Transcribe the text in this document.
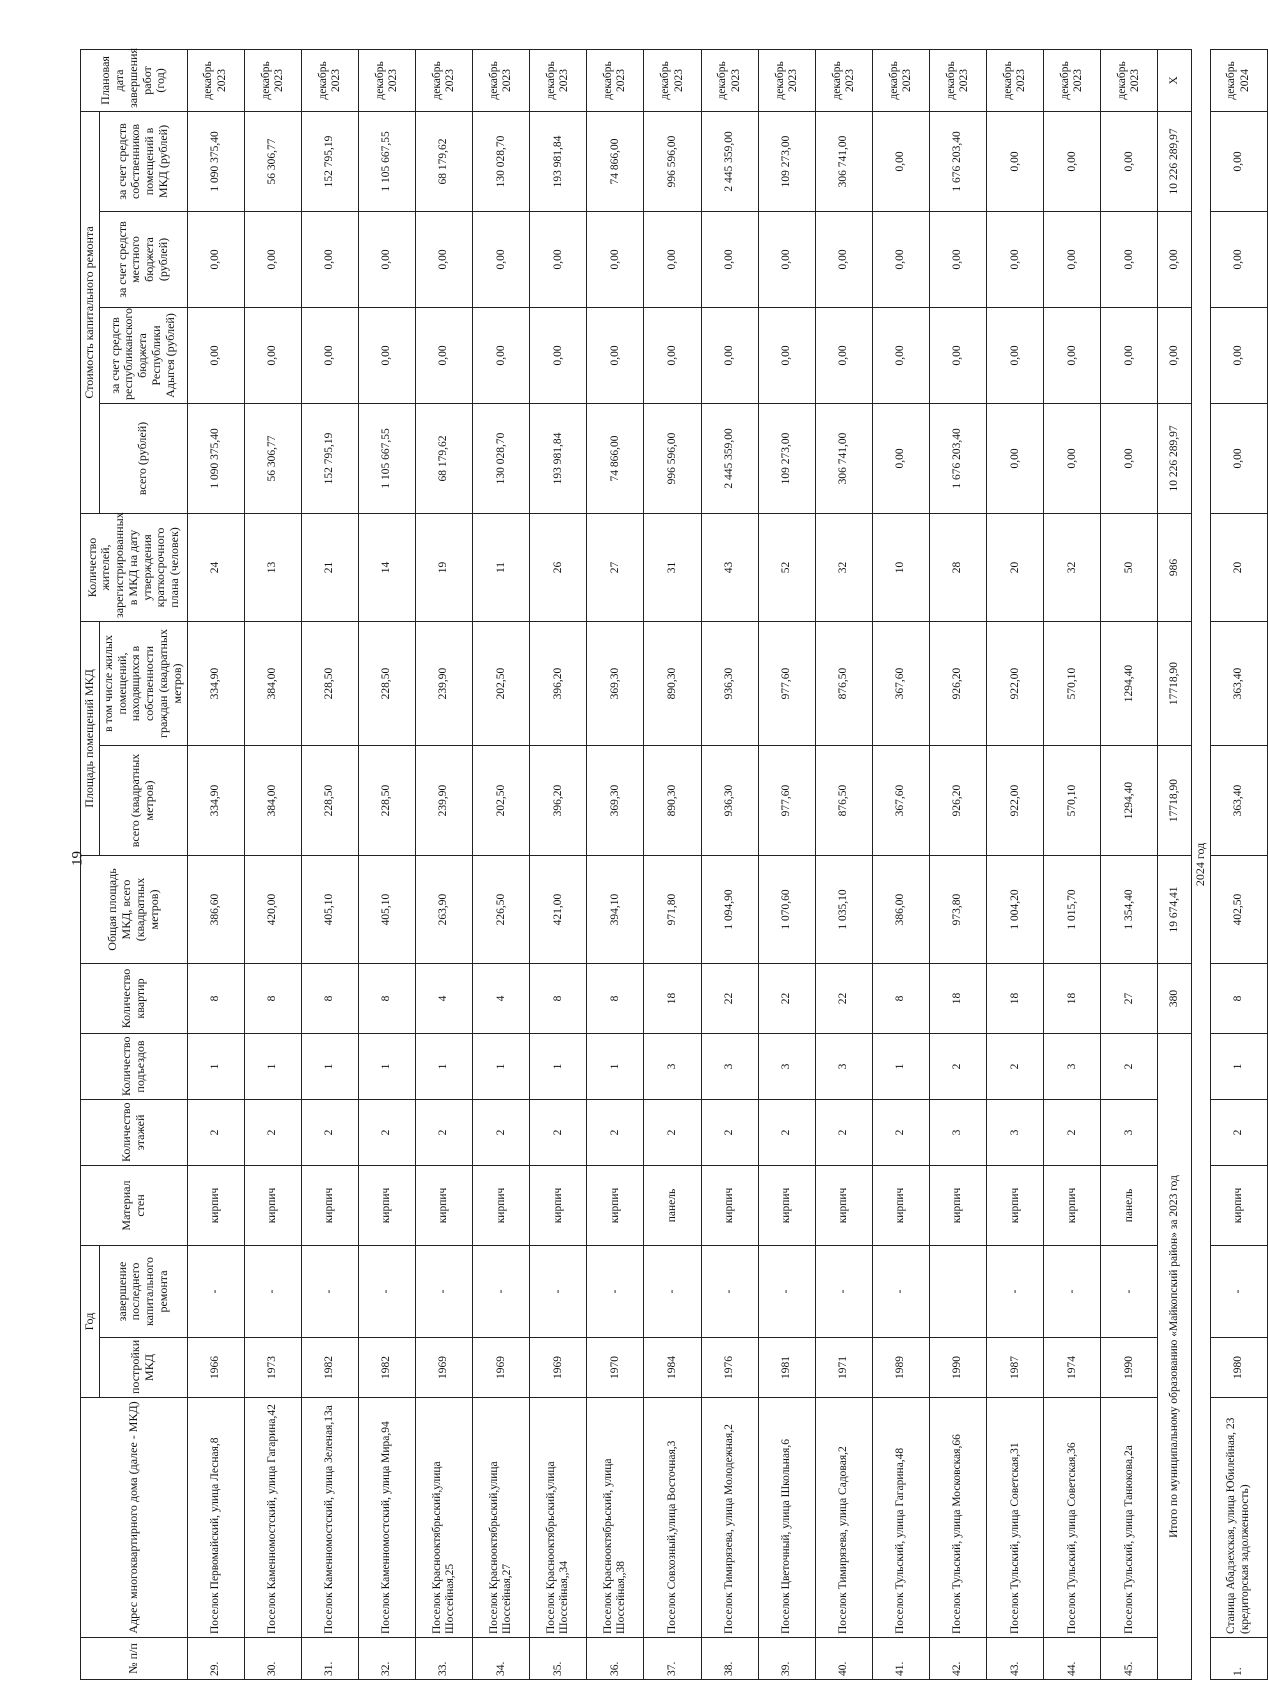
19
№ п/п	Адрес многоквартирного дома (далее - МКД)	Год		Материал стен	Количество этажей	Количество подъездов	Количество квартир	Общая площадь МКД, всего (квадратных метров)	Площадь помещений МКД		Количество жителей, зарегистрированных в МКД на дату утверждения краткосрочного плана (человек)	Стоимость капитального ремонта				Плановая дата завершения работ (год)
		постройки МКД	завершение последнего капитального ремонта						всего (квадратных метров)	в том числе жилых помещений, находящихся в собственности граждан (квадратных метров)		всего (рублей)	за счет средств республиканского бюджета Республики Адыгея (рублей)	за счет средств местного бюджета (рублей)	за счет средств собственников помещений в МКД (рублей)	

29.	Поселок Первомайский, улица Лесная,8	1966	-	кирпич	2	1	8	386,60	334,90	334,90	24	1 090 375,40	0,00	0,00	1 090 375,40	декабрь 2023
30.	Поселок Каменномостский, улица Гагарина,42	1973	-	кирпич	2	1	8	420,00	384,00	384,00	13	56 306,77	0,00	0,00	56 306,77	декабрь 2023
31.	Поселок Каменномостский, улица Зеленая,13а	1982	-	кирпич	2	1	8	405,10	228,50	228,50	21	152 795,19	0,00	0,00	152 795,19	декабрь 2023
32.	Поселок Каменномостский, улица Мира,94	1982	-	кирпич	2	1	8	405,10	228,50	228,50	14	1 105 667,55	0,00	0,00	1 105 667,55	декабрь 2023
33.	Поселок Краснооктябрьский,улица Шоссейная,25	1969	-	кирпич	2	1	4	263,90	239,90	239,90	19	68 179,62	0,00	0,00	68 179,62	декабрь 2023
34.	Поселок Краснооктябрьский,улица Шоссейная,27	1969	-	кирпич	2	1	4	226,50	202,50	202,50	11	130 028,70	0,00	0,00	130 028,70	декабрь 2023
35.	Поселок Краснооктябрьский,улица Шоссейная,,34	1969	-	кирпич	2	1	8	421,00	396,20	396,20	26	193 981,84	0,00	0,00	193 981,84	декабрь 2023
36.	Поселок Краснооктябрьский, улица Шоссейная,,38	1970	-	кирпич	2	1	8	394,10	369,30	369,30	27	74 866,00	0,00	0,00	74 866,00	декабрь 2023
37.	Поселок Совхозный,улица Восточная,3	1984	-	панель	2	3	18	971,80	890,30	890,30	31	996 596,00	0,00	0,00	996 596,00	декабрь 2023
38.	Поселок Тимирязева, улица Молодежная,2	1976	-	кирпич	2	3	22	1 094,90	936,30	936,30	43	2 445 359,00	0,00	0,00	2 445 359,00	декабрь 2023
39.	Поселок Цветочный, улица Школьная,6	1981	-	кирпич	2	3	22	1 070,60	977,60	977,60	52	109 273,00	0,00	0,00	109 273,00	декабрь 2023
40.	Поселок Тимирязева, улица Садовая,2	1971	-	кирпич	2	3	22	1 035,10	876,50	876,50	32	306 741,00	0,00	0,00	306 741,00	декабрь 2023
41.	Поселок Тульский, улица Гагарина,48	1989	-	кирпич	2	1	8	386,00	367,60	367,60	10	0,00	0,00	0,00	0,00	декабрь 2023
42.	Поселок Тульский, улица Московская,66	1990		кирпич	3	2	18	973,80	926,20	926,20	28	1 676 203,40	0,00	0,00	1 676 203,40	декабрь 2023
43.	Поселок Тульский, улица Советская,31	1987	-	кирпич	3	2	18	1 004,20	922,00	922,00	20	0,00	0,00	0,00	0,00	декабрь 2023
44.	Поселок Тульский, улица Советская,36	1974	-	кирпич	2	3	18	1 015,70	570,10	570,10	32	0,00	0,00	0,00	0,00	декабрь 2023
45.	Поселок Тульский, улица Танюкова,2а	1990	-	панель	3	2	27	1 354,40	1294,40	1294,40	50	0,00	0,00	0,00	0,00	декабрь 2023
Итого по муниципальному образованию «Майкопский район» за 2023 год							380	19 674,41	17718,90	17718,90	986	10 226 289,97	0,00	0,00	10 226 289,97	X
2024 год																
1.	Станица Абадзехская, улица Юбилейная, 23 (кредиторская задолженность)	1980	-	кирпич	2	1	8	402,50	363,40	363,40	20	0,00	0,00	0,00	0,00	декабрь 2024
